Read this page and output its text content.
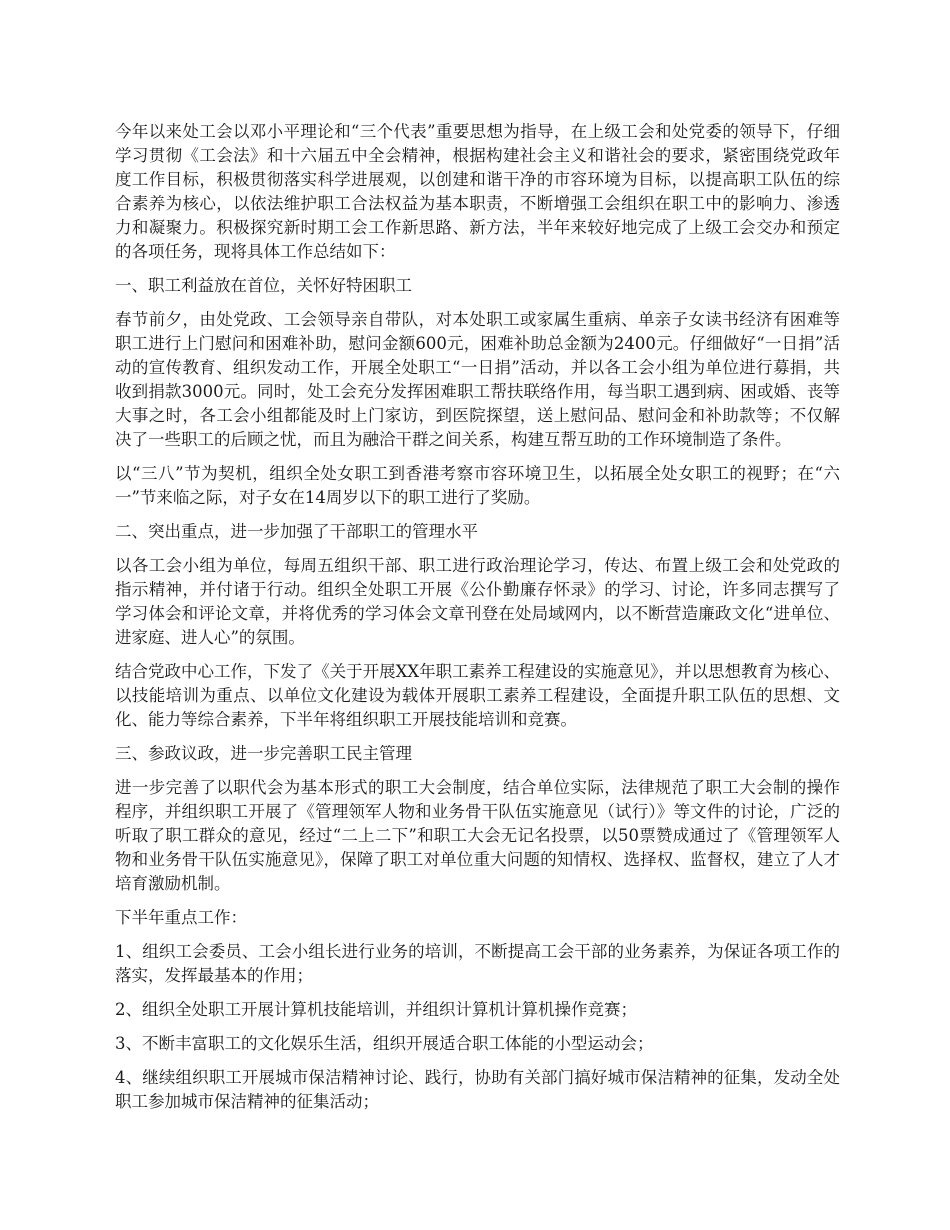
今年以来处工会以邓小平理论和“三个代表”重要思想为指导，在上级工会和处党委的领导下，仔细学习贯彻《工会法》和十六届五中全会精神，根据构建社会主义和谐社会的要求，紧密围绕党政年度工作目标，积极贯彻落实科学进展观，以创建和谐干净的市容环境为目标，以提高职工队伍的综合素养为核心，以依法维护职工合法权益为基本职责，不断增强工会组织在职工中的影响力、渗透力和凝聚力。积极探究新时期工会工作新思路、新方法，半年来较好地完成了上级工会交办和预定的各项任务，现将具体工作总结如下：

一、职工利益放在首位，关怀好特困职工

春节前夕，由处党政、工会领导亲自带队，对本处职工或家属生重病、单亲子女读书经济有困难等职工进行上门慰问和困难补助，慰问金额600元，困难补助总金额为2400元。仔细做好“一日捐”活动的宣传教育、组织发动工作，开展全处职工“一日捐”活动，并以各工会小组为单位进行募捐，共收到捐款3000元。同时，处工会充分发挥困难职工帮扶联络作用，每当职工遇到病、困或婚、丧等大事之时，各工会小组都能及时上门家访，到医院探望，送上慰问品、慰问金和补助款等；不仅解决了一些职工的后顾之忧，而且为融洽干群之间关系，构建互帮互助的工作环境制造了条件。

以“三八”节为契机，组织全处女职工到香港考察市容环境卫生，以拓展全处女职工的视野；在“六一”节来临之际，对子女在14周岁以下的职工进行了奖励。

二、突出重点，进一步加强了干部职工的管理水平

以各工会小组为单位，每周五组织干部、职工进行政治理论学习，传达、布置上级工会和处党政的指示精神，并付诸于行动。组织全处职工开展《公仆勤廉存怀录》的学习、讨论，许多同志撰写了学习体会和评论文章，并将优秀的学习体会文章刊登在处局域网内，以不断营造廉政文化“进单位、进家庭、进人心”的氛围。

结合党政中心工作，下发了《关于开展XX年职工素养工程建设的实施意见》，并以思想教育为核心、以技能培训为重点、以单位文化建设为载体开展职工素养工程建设，全面提升职工队伍的思想、文化、能力等综合素养，下半年将组织职工开展技能培训和竞赛。

三、参政议政，进一步完善职工民主管理

进一步完善了以职代会为基本形式的职工大会制度，结合单位实际，法律规范了职工大会制的操作程序，并组织职工开展了《管理领军人物和业务骨干队伍实施意见（试行）》等文件的讨论，广泛的听取了职工群众的意见，经过“二上二下”和职工大会无记名投票，以50票赞成通过了《管理领军人物和业务骨干队伍实施意见》，保障了职工对单位重大问题的知情权、选择权、监督权，建立了人才培育激励机制。

下半年重点工作：

1、组织工会委员、工会小组长进行业务的培训，不断提高工会干部的业务素养，为保证各项工作的落实，发挥最基本的作用；

2、组织全处职工开展计算机技能培训，并组织计算机计算机操作竞赛；

3、不断丰富职工的文化娱乐生活，组织开展适合职工体能的小型运动会；

4、继续组织职工开展城市保洁精神讨论、践行，协助有关部门搞好城市保洁精神的征集，发动全处职工参加城市保洁精神的征集活动；
